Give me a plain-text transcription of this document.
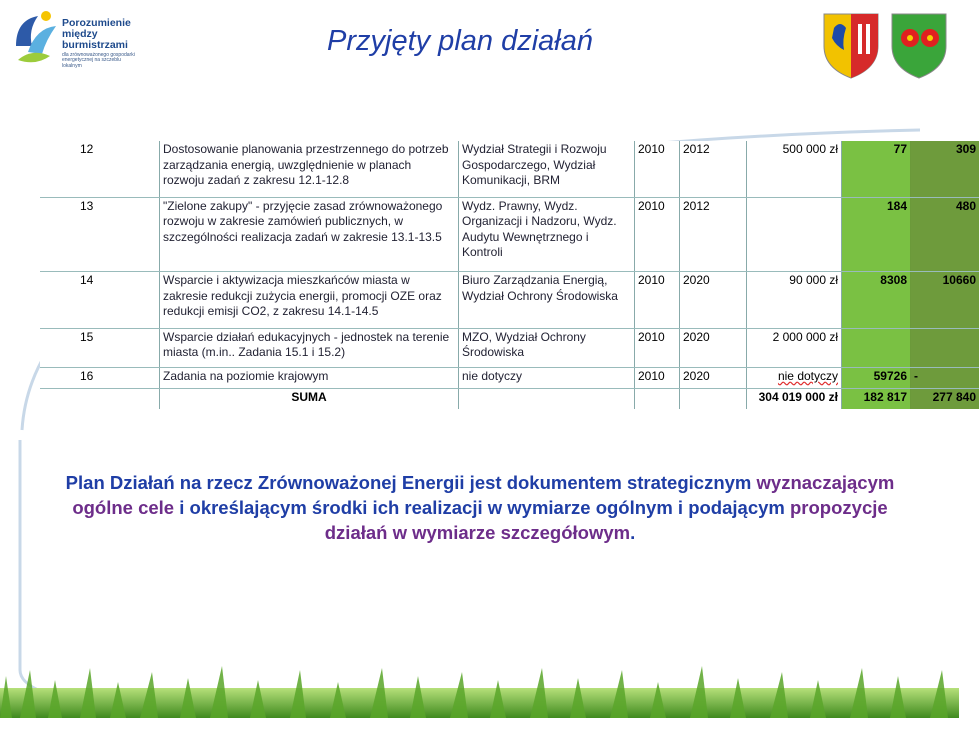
Porozumienie
między burmistrzami
dla zrównoważonego gospodarki energetycznej na szczeblu lokalnym
Przyjęty plan działań
12	Dostosowanie planowania przestrzennego do potrzeb zarządzania energią, uwzględnienie w planach rozwoju zadań z zakresu 12.1-12.8	Wydział Strategii i Rozwoju Gospodarczego, Wydział Komunikacji, BRM	2010	2012	500 000 zł	77	309
13	"Zielone zakupy" - przyjęcie zasad zrównoważonego rozwoju w zakresie zamówień publicznych, w szczególności realizacja zadań w zakresie 13.1-13.5	Wydz. Prawny, Wydz. Organizacji i Nadzoru, Wydz. Audytu Wewnętrznego i Kontroli	2010	2012		184	480
14	Wsparcie i aktywizacja mieszkańców miasta w zakresie redukcji zużycia energii, promocji OZE oraz redukcji emisji CO2, z zakresu 14.1-14.5	Biuro Zarządzania Energią, Wydział Ochrony Środowiska	2010	2020	90 000 zł	8308	10660
15	Wsparcie działań edukacyjnych - jednostek na terenie miasta (m.in.. Zadania 15.1 i 15.2)	MZO, Wydział Ochrony Środowiska	2010	2020	2 000 000 zł		
16	Zadania na poziomie krajowym	nie dotyczy	2010	2020	nie dotyczy	59726	-
	SUMA				304 019 000 zł	182 817	277 840
Plan Działań na rzecz Zrównoważonej Energii jest dokumentem strategicznym wyznaczającym ogólne cele i określającym środki ich realizacji w wymiarze ogólnym i podającym propozycje działań w wymiarze szczegółowym.
